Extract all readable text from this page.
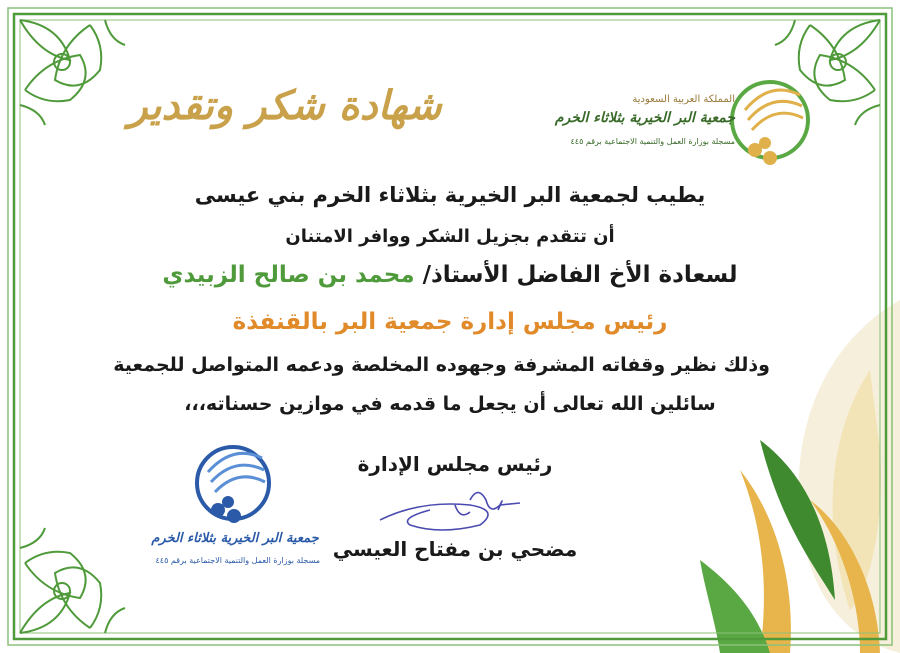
شهادة شكر وتقدير	المملكة العربية السعودية
جمعية البر الخيرية بثلاثاء الخرم
مسجلة بوزارة العمل والتنمية الاجتماعية برقم ٤٤٥
يطيب لجمعية البر الخيرية بثلاثاء الخرم بني عيسى
أن تتقدم بجزيل الشكر ووافر الامتنان
لسعادة الأخ الفاضل الأستاذ/ محمد بن صالح الزبيدي
رئيس مجلس إدارة جمعية البر بالقنفذة
وذلك نظير وقفاته المشرفة وجهوده المخلصة ودعمه المتواصل للجمعية
سائلين الله تعالى أن يجعل ما قدمه في موازين حسناته،،،
رئيس مجلس الإدارة
مضحي بن مفتاح العيسي
جمعية البر الخيرية بثلاثاء الخرم
مسجلة بوزارة العمل والتنمية الاجتماعية برقم ٤٤٥
